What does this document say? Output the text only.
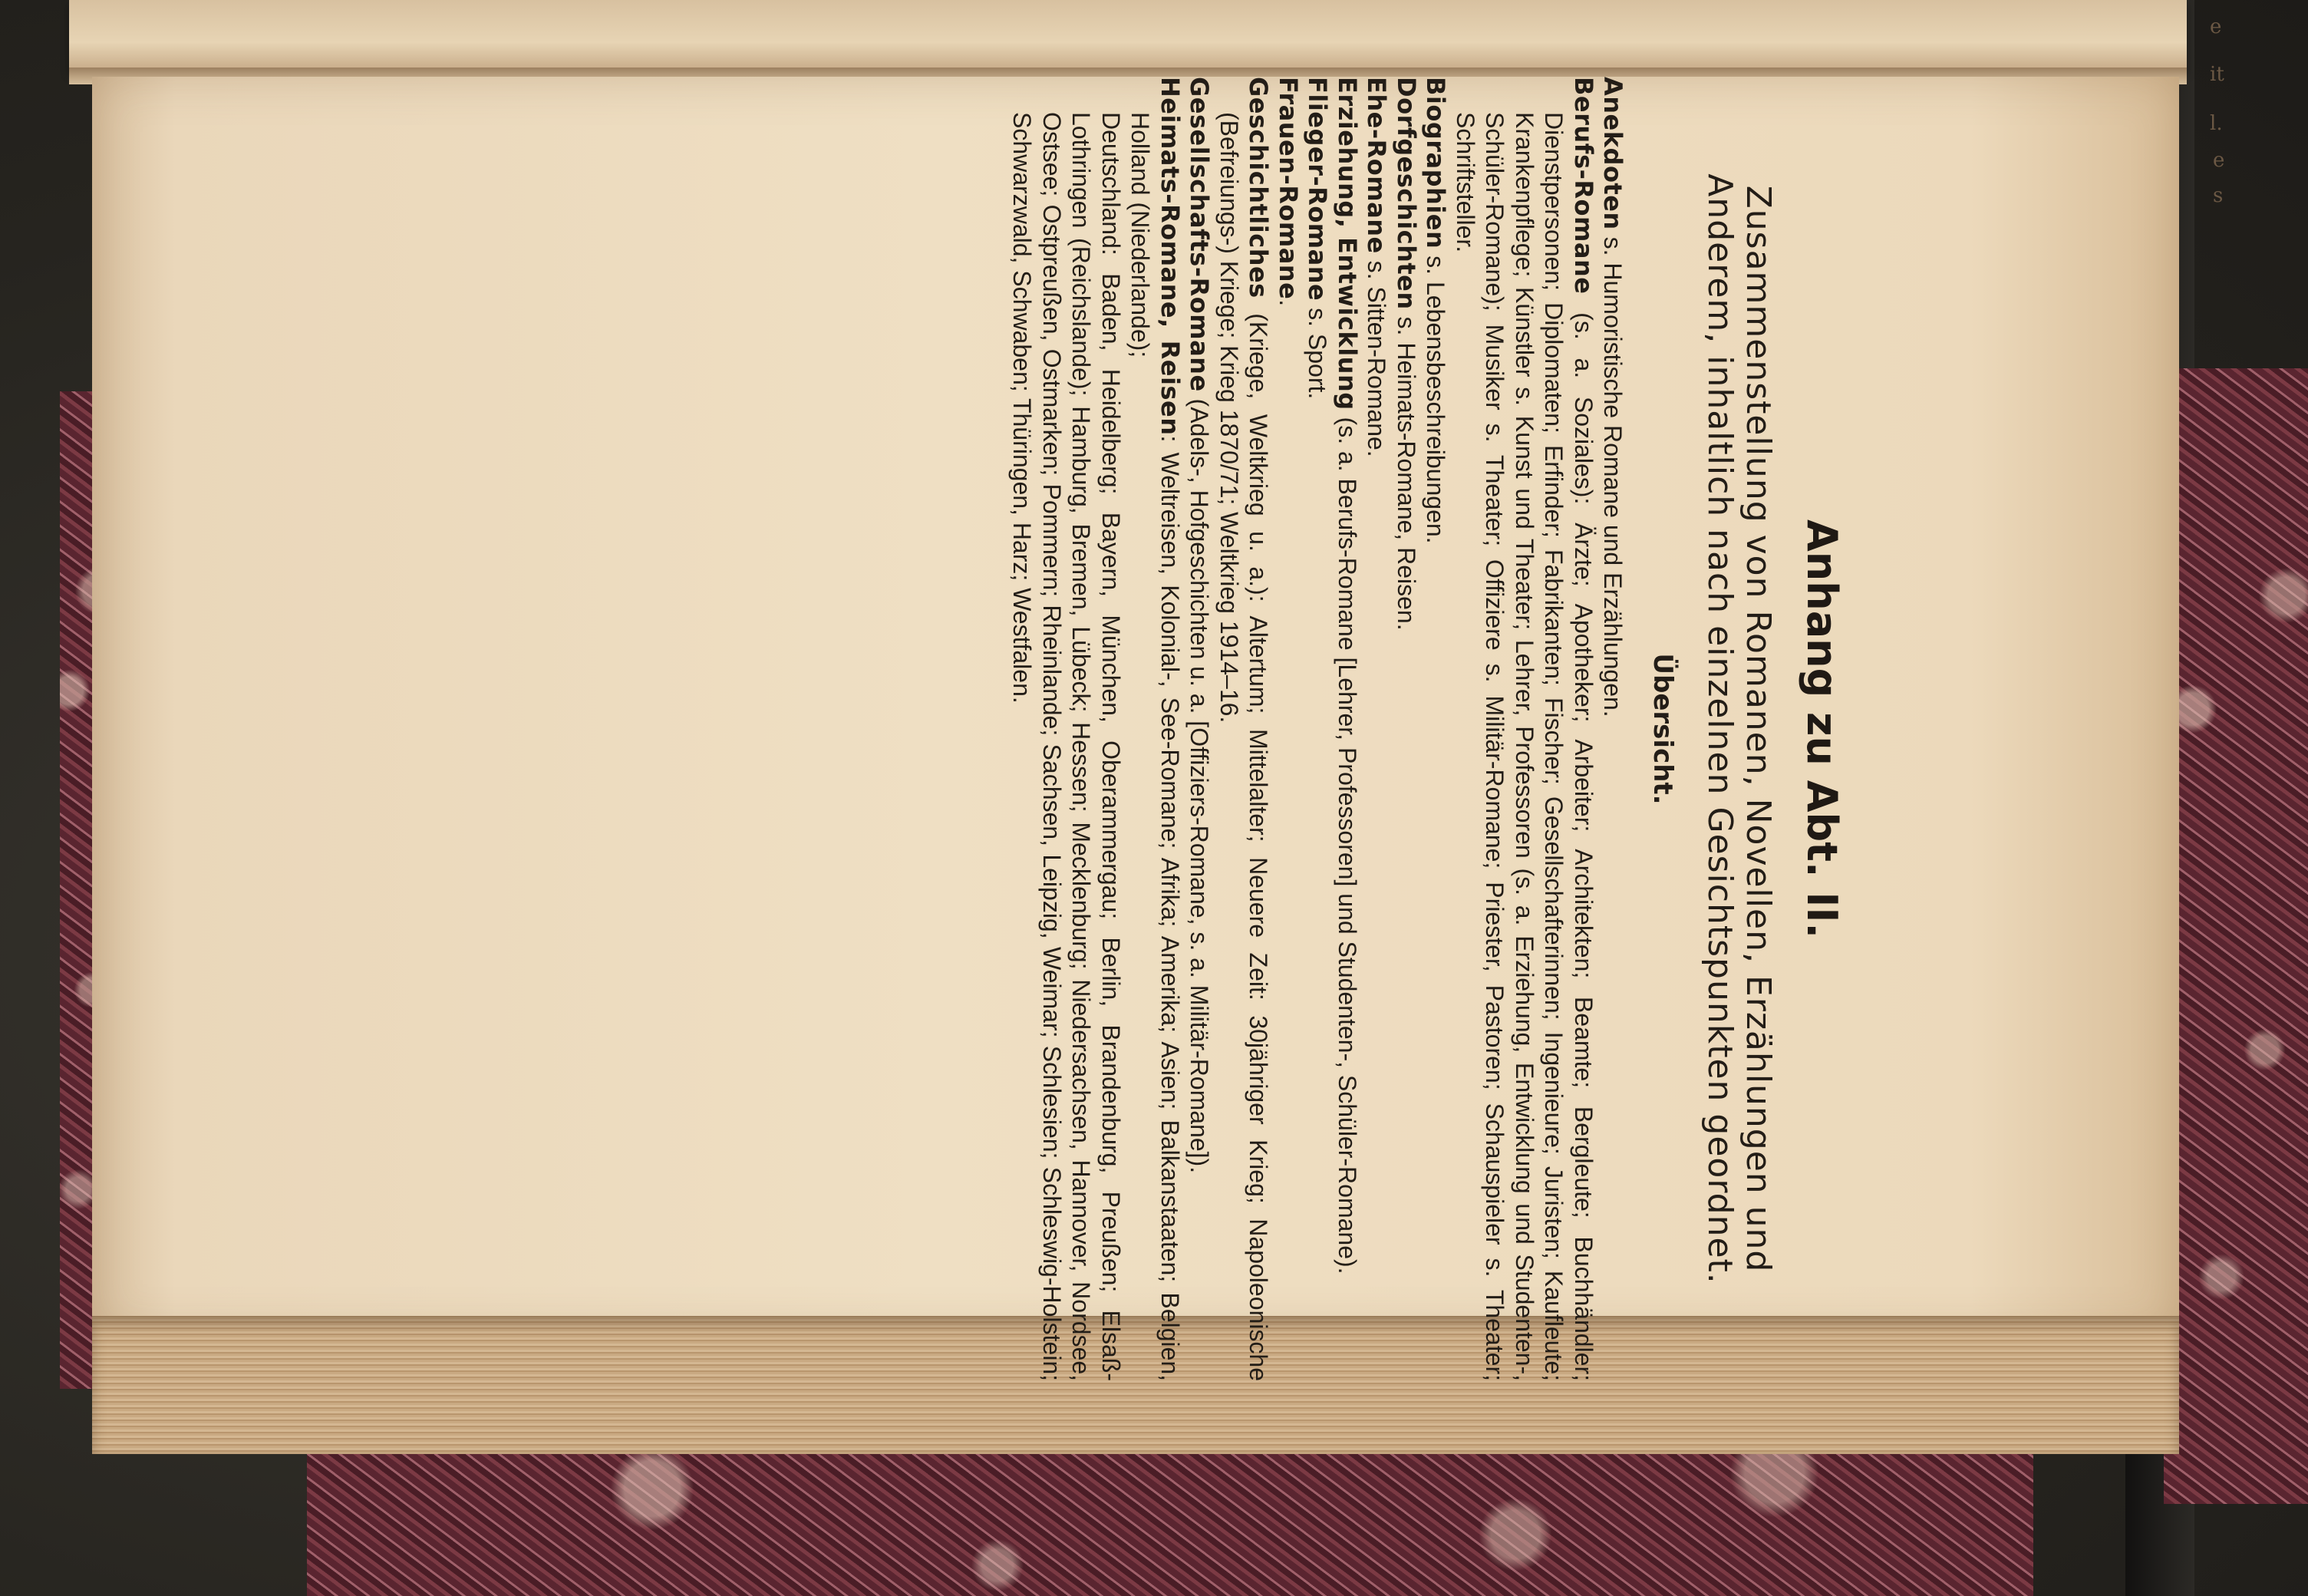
e
it
l.
e
s
Anhang zu Abt. II.
Zusammenstellung von Romanen, Novellen, Erzählungen und Anderem, inhaltlich nach einzelnen Gesichtspunkten geordnet.
Übersicht.

Anekdoten s. Humoristische Romane und Erzählungen.

Berufs-Romane (s. a. Soziales): Ärzte; Apotheker; Arbeiter; Architekten; Beamte; Bergleute; Buchhändler; Dienstpersonen; Diplomaten; Erfinder; Fabrikanten; Fischer; Gesellschafterinnen; Ingenieure; Juristen; Kaufleute; Krankenpflege; Künstler s. Kunst und Theater; Lehrer, Professoren (s. a. Erziehung, Entwicklung und Studenten-, Schüler-Romane); Musiker s. Theater; Offiziere s. Militär-Romane; Priester, Pastoren; Schauspieler s. Theater; Schriftsteller.

Biographien s. Lebensbeschreibungen.

Dorfgeschichten s. Heimats-Romane, Reisen.

Ehe-Romane s. Sitten-Romane.

Erziehung, Entwicklung (s. a. Berufs-Romane [Lehrer, Professoren] und Studenten-, Schüler-Romane).

Flieger-Romane s. Sport.

Frauen-Romane.

Geschichtliches (Kriege, Weltkrieg u. a.): Altertum; Mittelalter; Neuere Zeit: 30jähriger Krieg; Napoleonische (Befreiungs-) Kriege; Krieg 1870/71; Weltkrieg 1914–16.

Gesellschafts-Romane (Adels-, Hofgeschichten u. a. [Offiziers-Romane, s. a. Militär-Romane]).

Heimats-Romane, Reisen: Weltreisen, Kolonial-, See-Romane; Afrika; Amerika; Asien; Balkanstaaten; Belgien, Holland (Niederlande);

Deutschland: Baden, Heidelberg; Bayern, München, Oberammergau; Berlin, Brandenburg, Preußen; Elsaß-Lothringen (Reichslande); Hamburg, Bremen, Lübeck; Hessen; Mecklenburg; Niedersachsen, Hannover, Nordsee, Ostsee; Ostpreußen, Ostmarken; Pommern; Rheinlande; Sachsen, Leipzig, Weimar; Schlesien; Schleswig-Holstein; Schwarzwald, Schwaben; Thüringen, Harz; Westfalen.
